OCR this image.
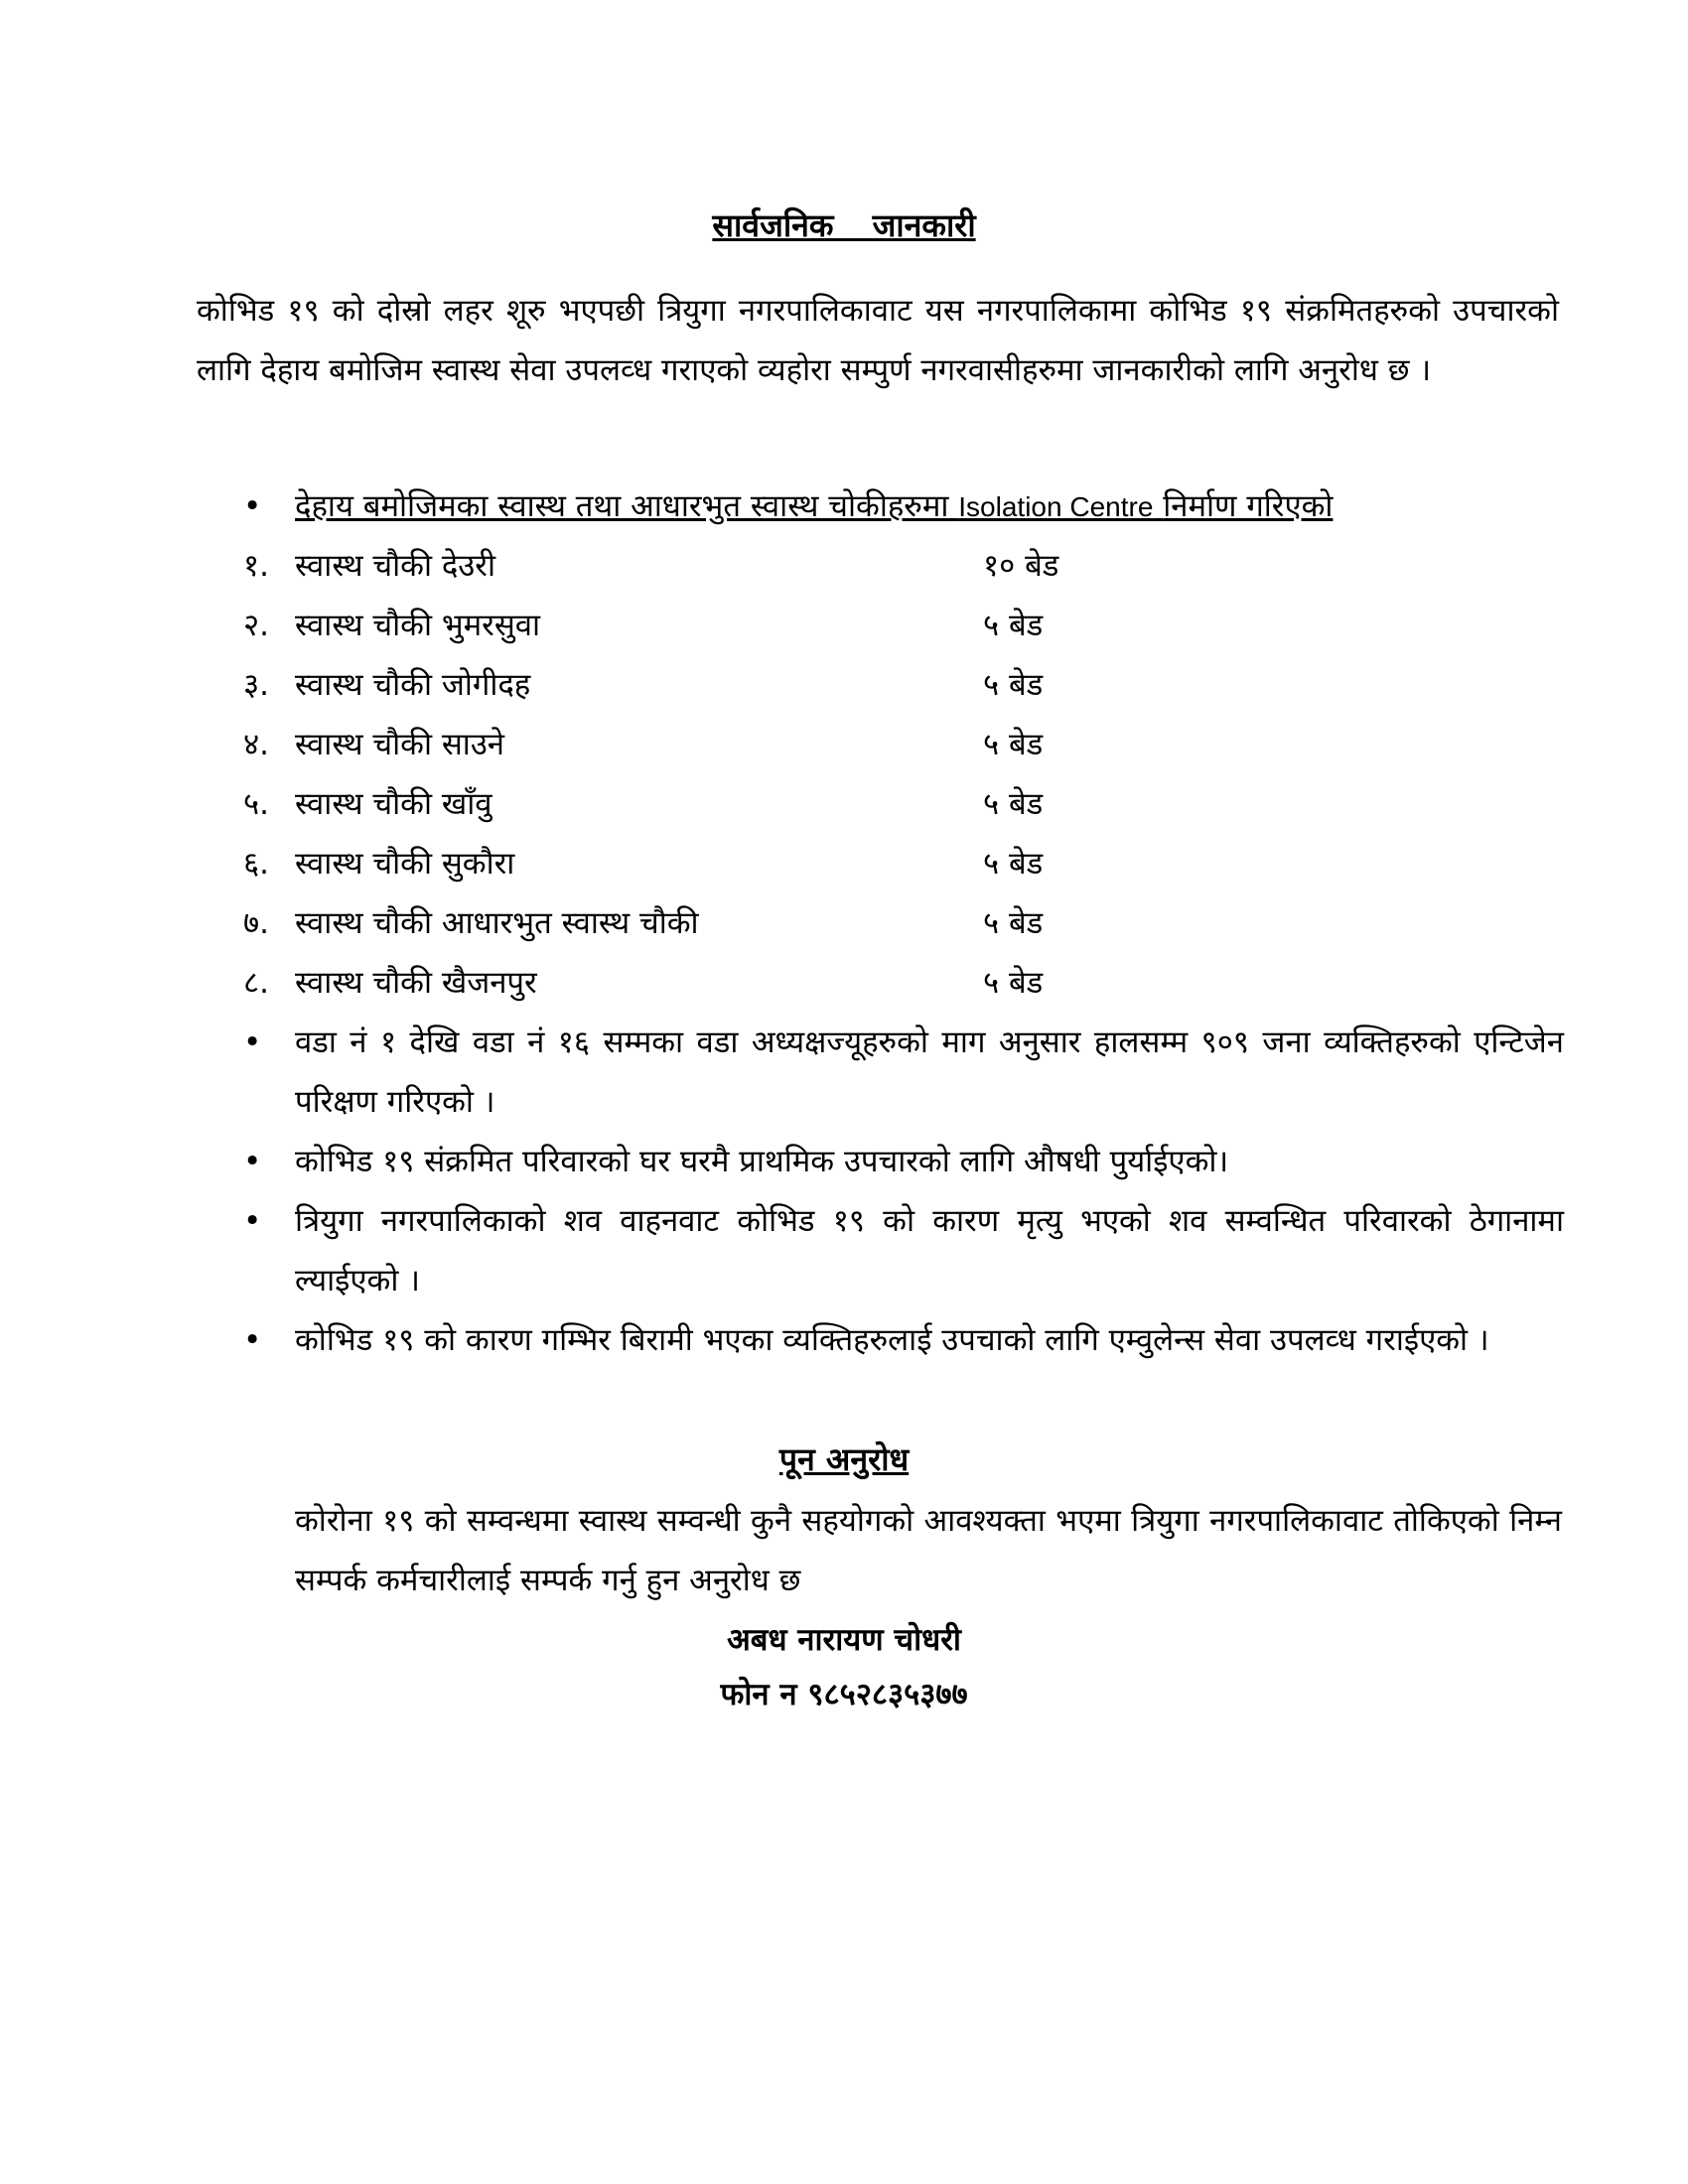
सार्वजनिक जानकारी
कोभिड १९ को दोस्रो लहर शूरु भएपछी त्रियुगा नगरपालिकावाट यस नगरपालिकामा कोभिड १९ संक्रमितहरुको उपचारको लागि देहाय बमोजिम स्वास्थ सेवा उपलव्ध गराएको व्यहोरा सम्पुर्ण नगरवासीहरुमा जानकारीको लागि अनुरोध छ ।
•	देहाय बमोजिमका स्वास्थ तथा आधारभुत स्वास्थ चोकीहरुमा Isolation Centre निर्माण गरिएको
१. स्वास्थ चौकी देउरी	१० बेड
२. स्वास्थ चौकी भुमरसुवा	५ बेड
३. स्वास्थ चौकी जोगीदह	५ बेड
४. स्वास्थ चौकी साउने	५ बेड
५. स्वास्थ चौकी खाँवु	५ बेड
६. स्वास्थ चौकी सुकौरा	५ बेड
७. स्वास्थ चौकी आधारभुत स्वास्थ चौकी	५ बेड
८. स्वास्थ चौकी खैजनपुर	५ बेड
•	वडा नं १ देखि वडा नं १६ सम्मका वडा अध्यक्षज्यूहरुको माग अनुसार हालसम्म ९०९ जना व्यक्तिहरुको एन्टिजेन परिक्षण गरिएको ।
•	कोभिड १९ संक्रमित परिवारको घर घरमै प्राथमिक उपचारको लागि औषधी पुर्याईएको।
•	त्रियुगा नगरपालिकाको शव वाहनवाट कोभिड १९ को कारण मृत्यु भएको शव सम्वन्धित परिवारको ठेगानामा ल्याईएको ।
•	कोभिड १९ को कारण गम्भिर बिरामी भएका व्यक्तिहरुलाई उपचाको लागि एम्वुलेन्स सेवा उपलव्ध गराईएको ।
पून अनुरोध
कोरोना १९ को सम्वन्धमा स्वास्थ सम्वन्धी कुनै सहयोगको आवश्यक्ता भएमा त्रियुगा नगरपालिकावाट तोकिएको निम्न सम्पर्क कर्मचारीलाई सम्पर्क गर्नु हुन अनुरोध छ
अबध नारायण चोधरी
फोन न ९८५२८३५३७७
